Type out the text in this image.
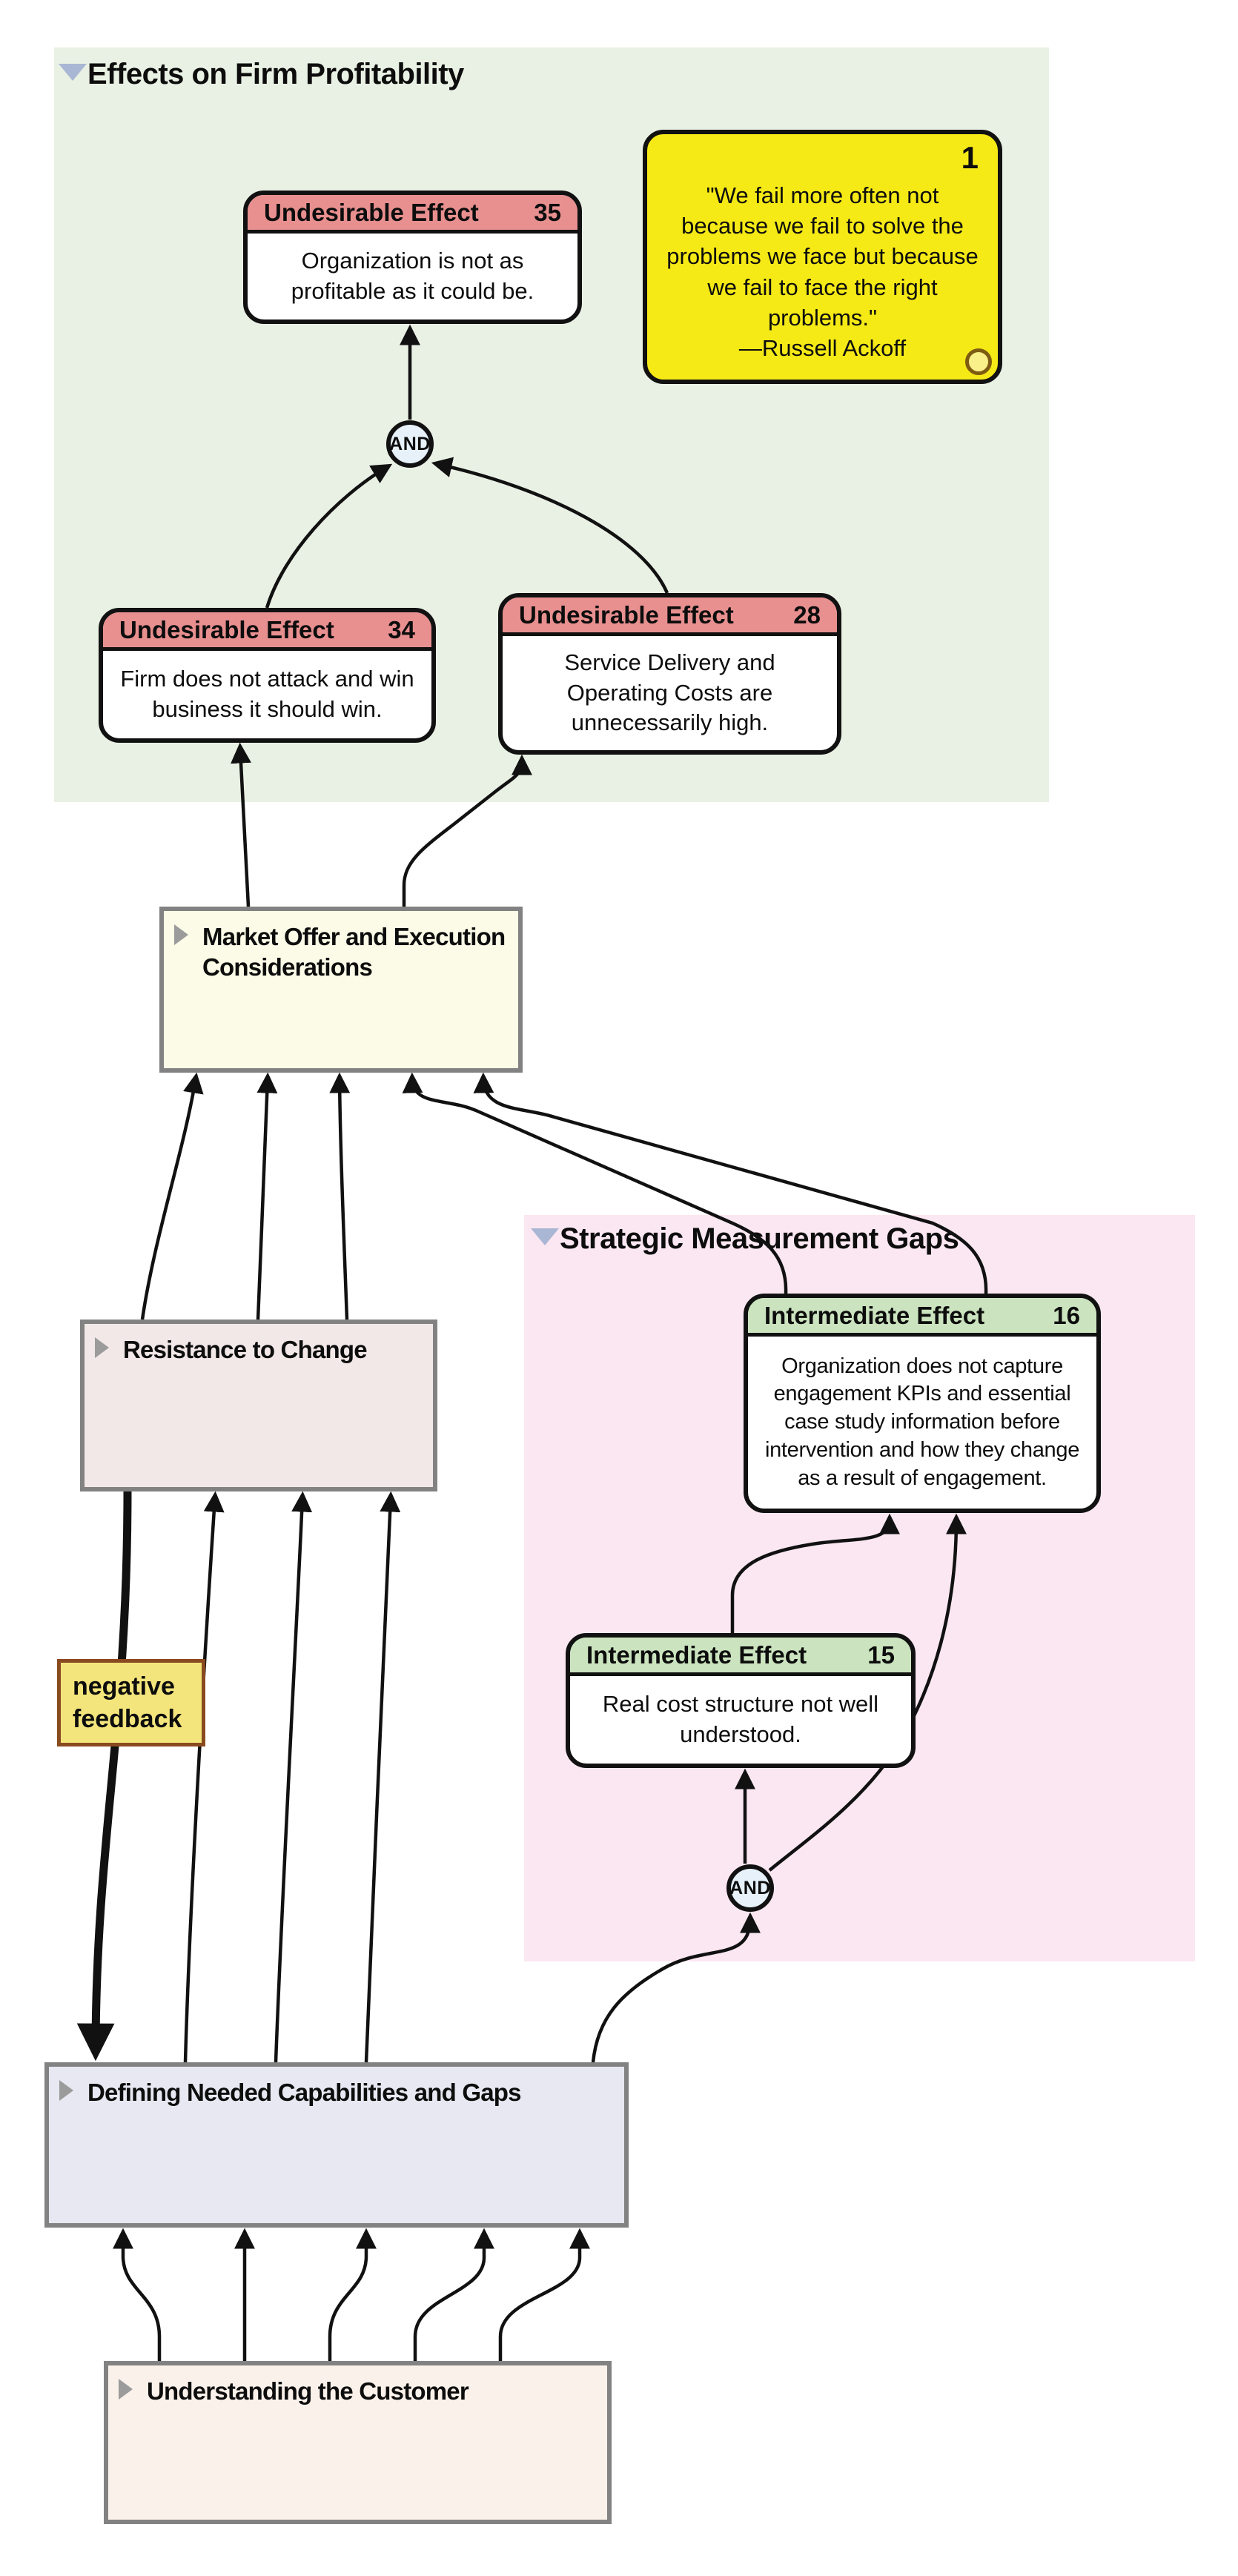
Effects on Firm Profitability
Strategic Measurement Gaps
Undesirable Effect 35
Organization is not as profitable as it could be.
Undesirable Effect 34
Firm does not attack and win business it should win.
Undesirable Effect 28
Service Delivery and Operating Costs are unnecessarily high.
Intermediate Effect	16
Organization does not capture engagement KPIs and essential case study information before intervention and how they change as a result of engagement.
Intermediate Effect 15
Real cost structure not well understood.
1
"We fail more often not because we fail to solve the problems we face but because we fail to face the right problems."
—Russell Ackoff
AND
AND
Market Offer and Execution Considerations
Resistance to Change
Defining Needed Capabilities and Gaps
Understanding the Customer
negative feedback
